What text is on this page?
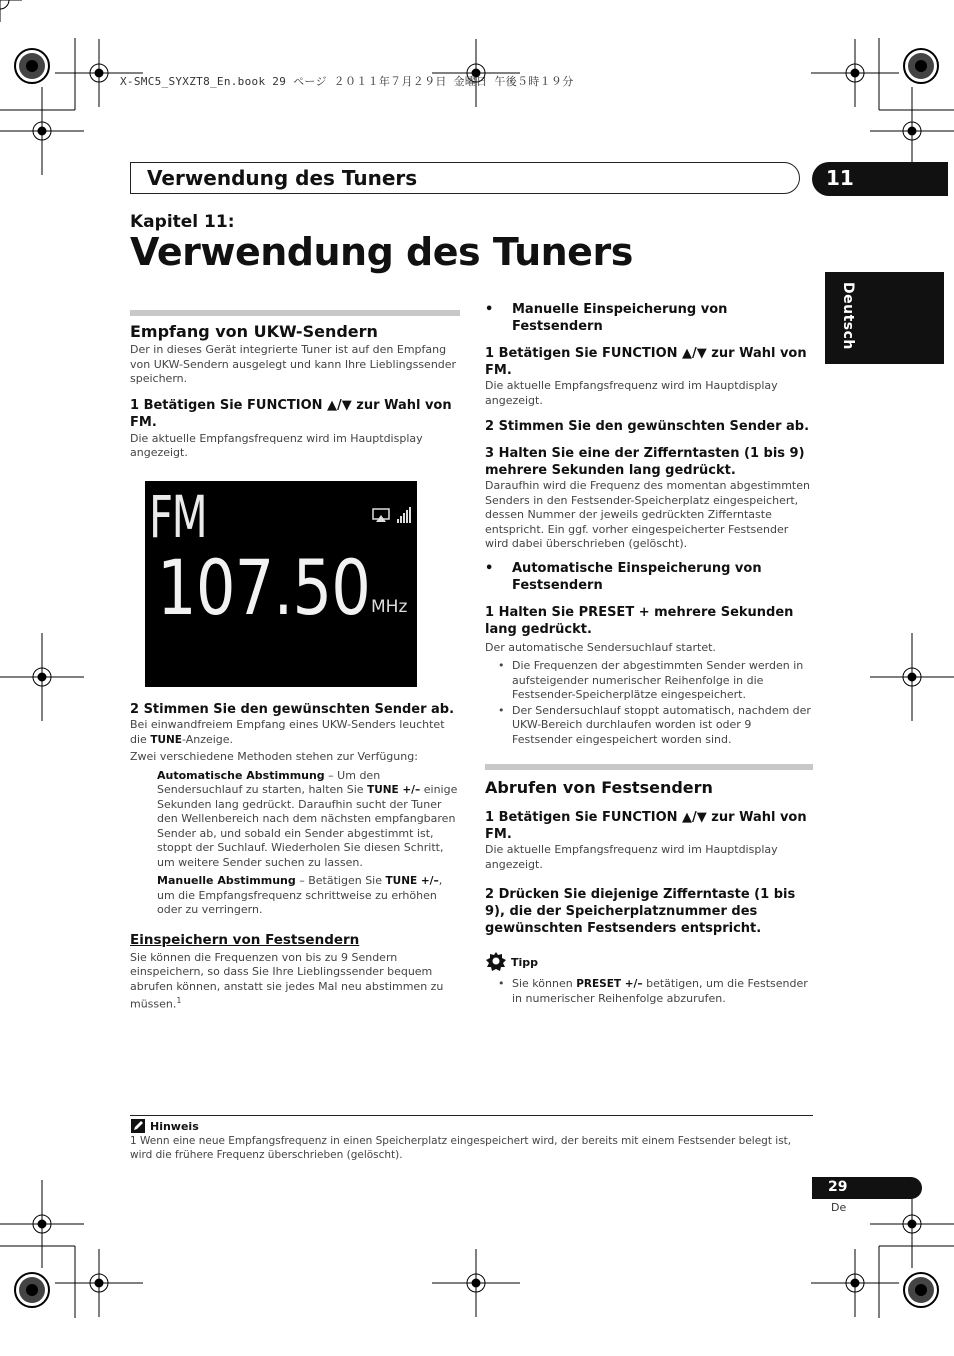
X-SMC5_SYXZT8_En.book 29 ページ ２０１１年７月２９日 金曜日 午後５時１９分
Verwendung des Tuners	11
Kapitel 11:
Verwendung des Tuners
Deutsch
Empfang von UKW-Sendern

Der in dieses Gerät integrierte Tuner ist auf den Empfang von UKW-Sendern ausgelegt und kann Ihre Lieblingssender speichern.

1 Betätigen Sie FUNCTION ▲/▼ zur Wahl von FM.

Die aktuelle Empfangsfrequenz wird im Hauptdisplay angezeigt.

FM
107.50 MHz

2 Stimmen Sie den gewünschten Sender ab.

Bei einwandfreiem Empfang eines UKW-Senders leuchtet die TUNE-Anzeige.

Zwei verschiedene Methoden stehen zur Verfügung:

Automatische Abstimmung – Um den Sendersuchlauf zu starten, halten Sie TUNE +/– einige Sekunden lang gedrückt. Daraufhin sucht der Tuner den Wellenbereich nach dem nächsten empfangbaren Sender ab, und sobald ein Sender abgestimmt ist, stoppt der Suchlauf. Wiederholen Sie diesen Schritt, um weitere Sender suchen zu lassen.
Manuelle Abstimmung – Betätigen Sie TUNE +/–, um die Empfangsfrequenz schrittweise zu erhöhen oder zu verringern.

Einspeichern von Festsendern

Sie können die Frequenzen von bis zu 9 Sendern einspeichern, so dass Sie Ihre Lieblingssender bequem abrufen können, anstatt sie jedes Mal neu abstimmen zu müssen.$^1$

• Manuelle Einspeicherung von Festsendern

1 Betätigen Sie FUNCTION ▲/▼ zur Wahl von FM.

Die aktuelle Empfangsfrequenz wird im Hauptdisplay angezeigt.

2 Stimmen Sie den gewünschten Sender ab.

3 Halten Sie eine der Zifferntasten (1 bis 9) mehrere Sekunden lang gedrückt.

Daraufhin wird die Frequenz des momentan abgestimmten Senders in den Festsender-Speicherplatz eingespeichert, dessen Nummer der jeweils gedrückten Zifferntaste entspricht. Ein ggf. vorher eingespeicherter Festsender wird dabei überschrieben (gelöscht).

• Automatische Einspeicherung von Festsendern

1 Halten Sie PRESET + mehrere Sekunden lang gedrückt.

Der automatische Sendersuchlauf startet.

• Die Frequenzen der abgestimmten Sender werden in aufsteigender numerischer Reihenfolge in die Festsender-Speicherplätze eingespeichert.
• Der Sendersuchlauf stoppt automatisch, nachdem der UKW-Bereich durchlaufen worden ist oder 9 Festsender eingespeichert worden sind.
Abrufen von Festsendern

1 Betätigen Sie FUNCTION ▲/▼ zur Wahl von FM.

Die aktuelle Empfangsfrequenz wird im Hauptdisplay angezeigt.

2 Drücken Sie diejenige Zifferntaste (1 bis 9), die der Speicherplatznummer des gewünschten Festsenders entspricht.

Tipp
• Sie können PRESET +/– betätigen, um die Festsender in numerischer Reihenfolge abzurufen.
Hinweis
1 Wenn eine neue Empfangsfrequenz in einen Speicherplatz eingespeichert wird, der bereits mit einem Festsender belegt ist, wird die frühere Frequenz überschrieben (gelöscht).
29
De
